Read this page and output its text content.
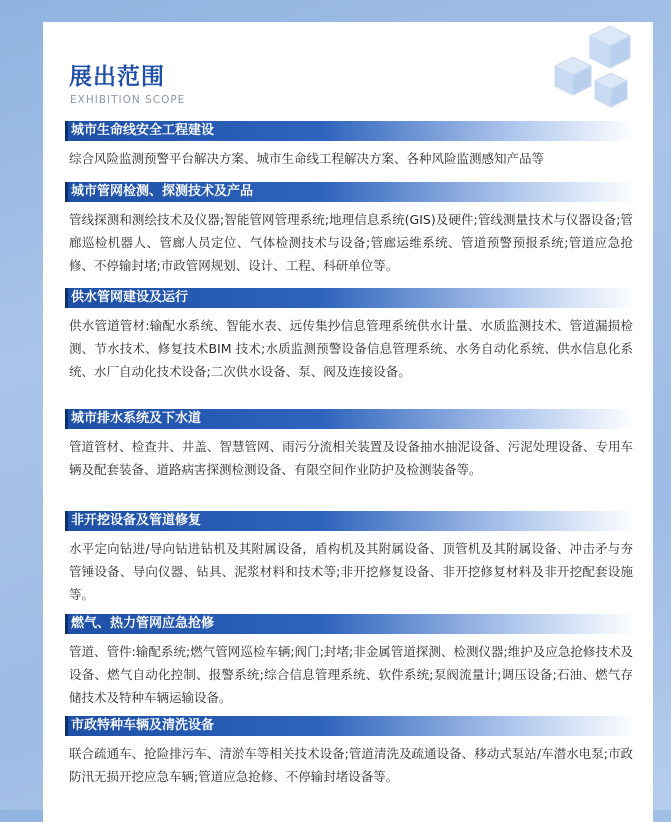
展出范围
EXHIBITION SCOPE
城市生命线安全工程建设
综合风险监测预警平台解决方案、城市生命线工程解决方案、各种风险监测感知产品等
城市管网检测、探测技术及产品
管线探测和测绘技术及仪器;智能管网管理系统;地理信息系统(GIS)及硬件;管线测量技术与仪器设备;管廊巡检机器人、管廊人员定位、气体检测技术与设备;管廊运维系统、管道预警预报系统;管道应急抢修、不停输封堵;市政管网规划、设计、工程、科研单位等。
供水管网建设及运行
供水管道管材:输配水系统、智能水表、远传集抄信息管理系统供水计量、水质监测技术、管道漏损检测、节水技术、修复技术BIM 技术;水质监测预警设备信息管理系统、水务自动化系统、供水信息化系统、水厂自动化技术设备;二次供水设备、泵、阀及连接设备。
城市排水系统及下水道
管道管材、检查井、井盖、智慧管网、雨污分流相关装置及设备抽水抽泥设备、污泥处理设备、专用车辆及配套装备、道路病害探测检测设备、有限空间作业防护及检测装备等。
非开挖设备及管道修复
水平定向钻进/导向钻进钻机及其附属设备，盾构机及其附属设备、顶管机及其附属设备、冲击矛与夯管锤设备、导向仪器、钻具、泥浆材料和技术等;非开挖修复设备、非开挖修复材料及非开挖配套设施等。
燃气、热力管网应急抢修
管道、管件:输配系统;燃气管网巡检车辆;阀门;封堵;非金属管道探测、检测仪器;维护及应急抢修技术及设备、燃气自动化控制、报警系统;综合信息管理系统、软件系统;泵阀流量计;调压设备;石油、燃气存储技术及特种车辆运输设备。
市政特种车辆及清洗设备
联合疏通车、抢险排污车、清淤车等相关技术设备;管道清洗及疏通设备、移动式泵站/车潜水电泵;市政防汛无损开挖应急车辆;管道应急抢修、不停输封堵设备等。
